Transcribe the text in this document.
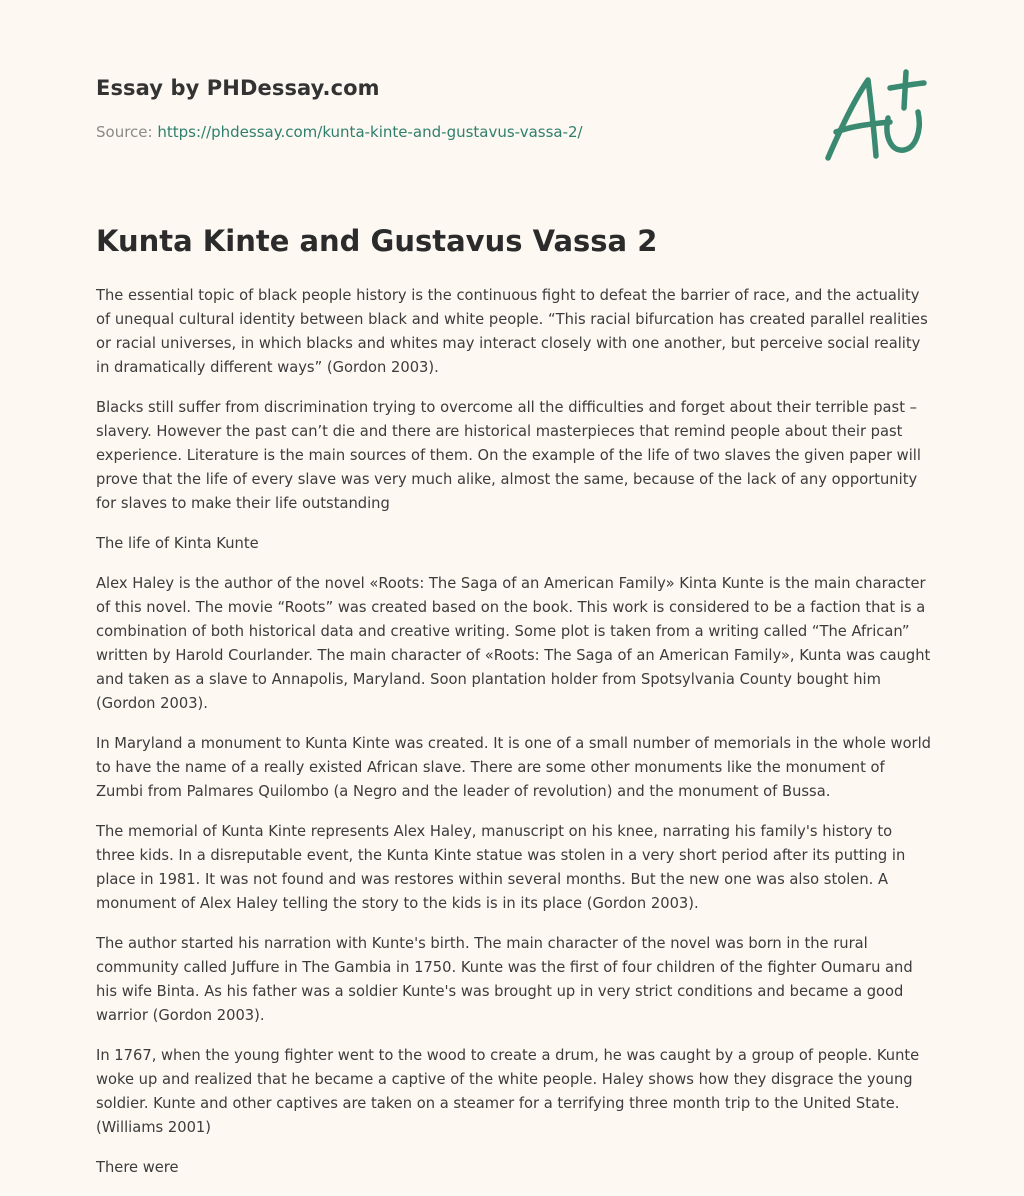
Essay by PHDessay.com

Source: https://phdessay.com/kunta-kinte-and-gustavus-vassa-2/

Kunta Kinte and Gustavus Vassa 2

The essential topic of black people history is the continuous fight to defeat the barrier of race, and the actuality of unequal cultural identity between black and white people. “This racial bifurcation has created parallel realities or racial universes, in which blacks and whites may interact closely with one another, but perceive social reality in dramatically different ways” (Gordon 2003).

Blacks still suffer from discrimination trying to overcome all the difficulties and forget about their terrible past – slavery. However the past can’t die and there are historical masterpieces that remind people about their past experience. Literature is the main sources of them. On the example of the life of two slaves the given paper will prove that the life of every slave was very much alike, almost the same, because of the lack of any opportunity for slaves to make their life outstanding

The life of Kinta Kunte

Alex Haley is the author of the novel «Roots: The Saga of an American Family» Kinta Kunte is the main character of this novel. The movie “Roots” was created based on the book. This work is considered to be a faction that is a combination of both historical data and creative writing. Some plot is taken from a writing called “The African” written by Harold Courlander. The main character of «Roots: The Saga of an American Family», Kunta was caught and taken as a slave to Annapolis, Maryland. Soon plantation holder from Spotsylvania County bought him (Gordon 2003).

In Maryland a monument to Kunta Kinte was created. It is one of a small number of memorials in the whole world to have the name of a really existed African slave. There are some other monuments like the monument of Zumbi from Palmares Quilombo (a Negro and the leader of revolution) and the monument of Bussa.

The memorial of Kunta Kinte represents Alex Haley, manuscript on his knee, narrating his family's history to three kids. In a disreputable event, the Kunta Kinte statue was stolen in a very short period after its putting in place in 1981. It was not found and was restores within several months. But the new one was also stolen. A monument of Alex Haley telling the story to the kids is in its place (Gordon 2003).

The author started his narration with Kunte's birth. The main character of the novel was born in the rural community called Juffure in The Gambia in 1750. Kunte was the first of four children of the fighter Oumaru and his wife Binta. As his father was a soldier Kunte's was brought up in very strict conditions and became a good warrior (Gordon 2003).

In 1767, when the young fighter went to the wood to create a drum, he was caught by a group of people. Kunte woke up and realized that he became a captive of the white people. Haley shows how they disgrace the young soldier. Kunte and other captives are taken on a steamer for a terrifying three month trip to the United State. (Williams 2001)

There were
